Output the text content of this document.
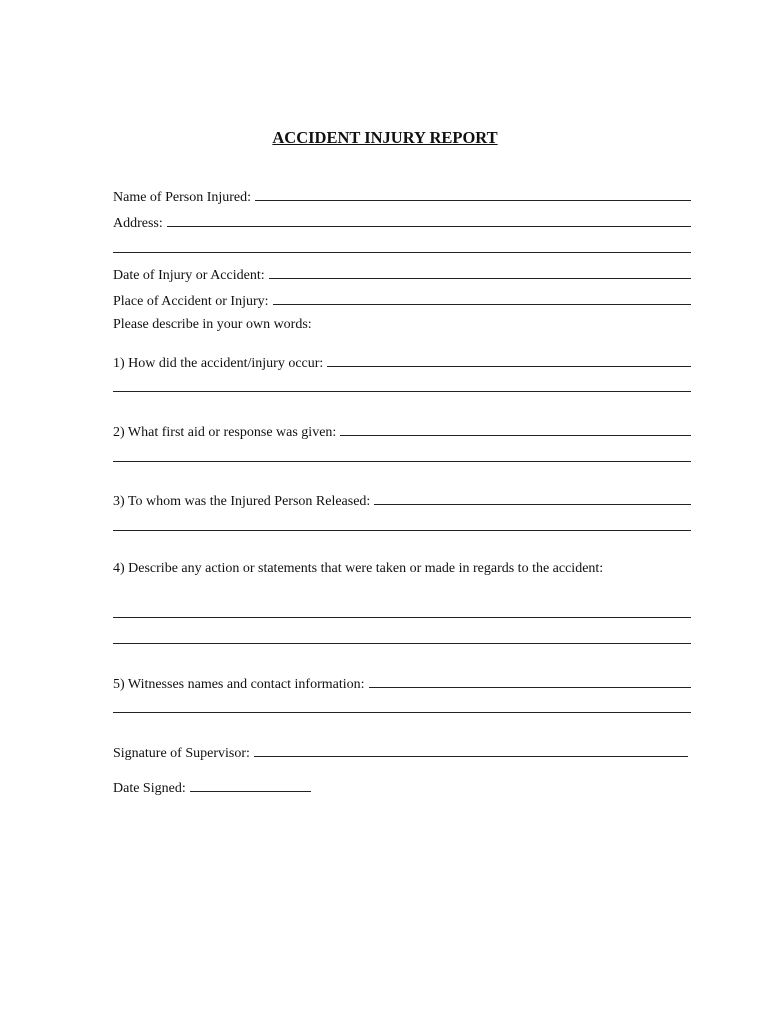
ACCIDENT INJURY REPORT
Name of Person Injured:
Address:
Date of Injury or Accident:
Place of Accident or Injury:
Please describe in your own words:
1) How did the accident/injury occur:
2) What first aid or response was given:
3) To whom was the Injured Person Released:
4) Describe any action or statements that were taken or made in regards to the accident:
5) Witnesses names and contact information:
Signature of Supervisor:
Date Signed:
